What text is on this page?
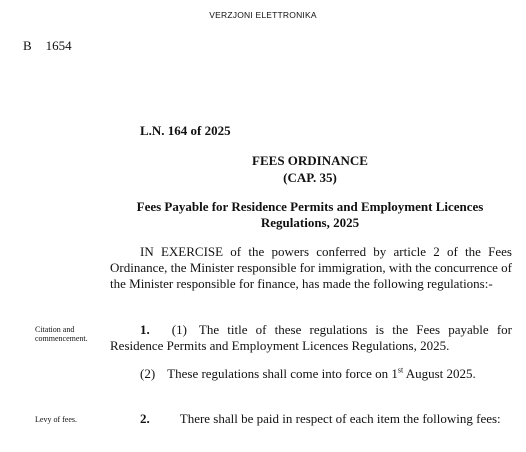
VERZJONI ELETTRONIKA
B 1654
L.N. 164 of 2025
FEES ORDINANCE
(CAP. 35)
Fees Payable for Residence Permits and Employment Licences Regulations, 2025
IN EXERCISE of the powers conferred by article 2 of the Fees Ordinance, the Minister responsible for immigration, with the concurrence of the Minister responsible for finance, has made the following regulations:-
Citation and commencement.
1. (1) The title of these regulations is the Fees payable for Residence Permits and Employment Licences Regulations, 2025.
(2) These regulations shall come into force on 1st August 2025.
Levy of fees.	2. There shall be paid in respect of each item the following fees:
